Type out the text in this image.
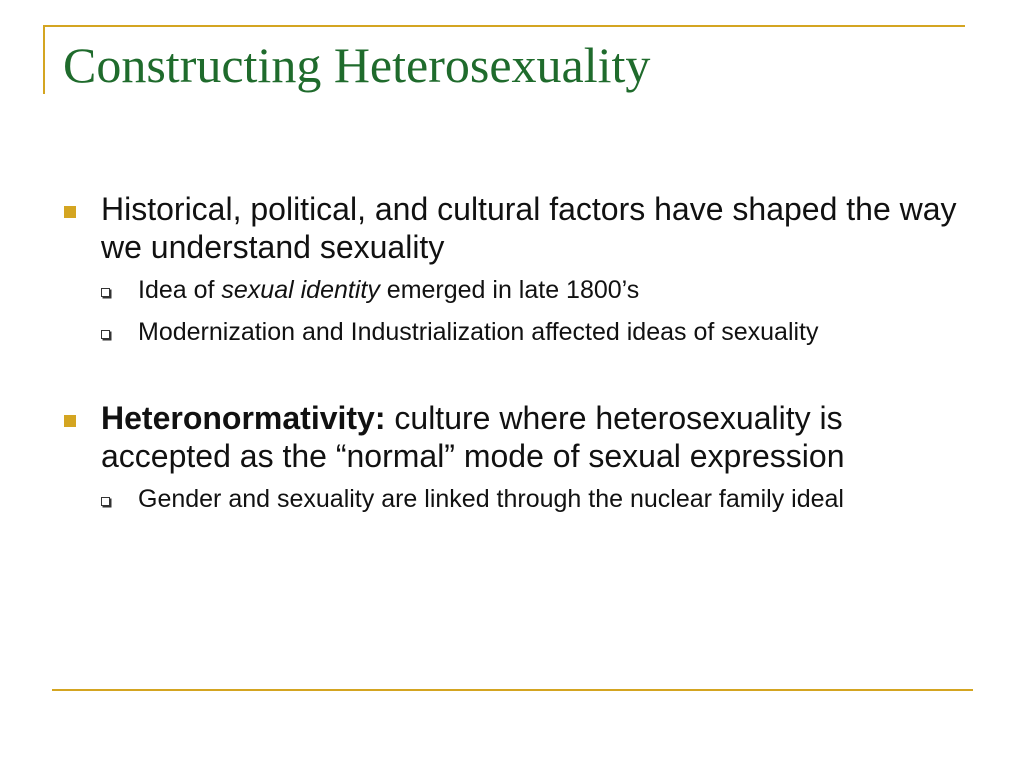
Constructing Heterosexuality
Historical, political, and cultural factors have shaped the way we understand sexuality
Idea of sexual identity emerged in late 1800’s
Modernization and Industrialization affected ideas of sexuality
Heteronormativity: culture where heterosexuality is accepted as the “normal” mode of sexual expression
Gender and sexuality are linked through the nuclear family ideal
